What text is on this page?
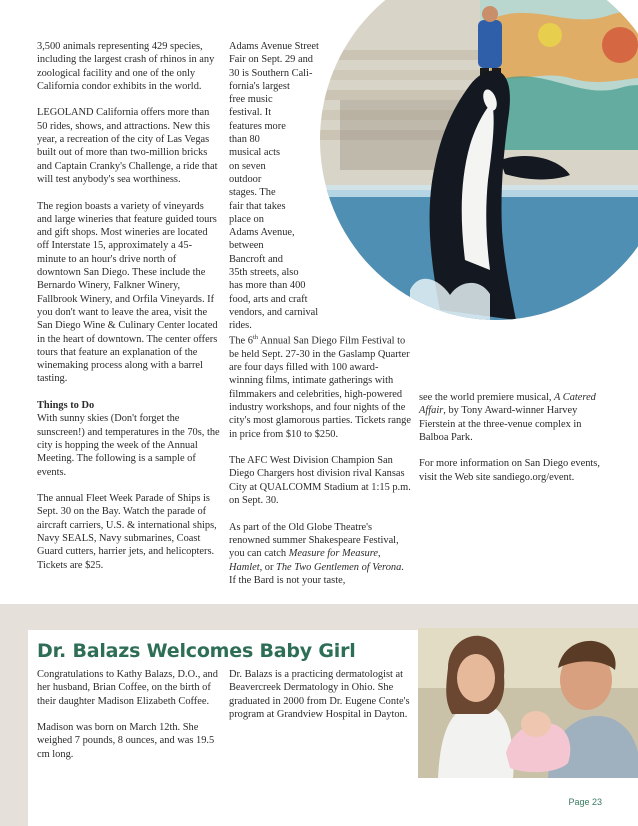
3,500 animals representing 429 species, including the largest crash of rhinos in any zoological facility and one of the only California condor exhibits in the world.

LEGOLAND California offers more than 50 rides, shows, and attractions. New this year, a recreation of the city of Las Vegas built out of more than two-million bricks and Captain Cranky's Challenge, a ride that will test anybody's sea worthiness.

The region boasts a variety of vineyards and large wineries that feature guided tours and gift shops. Most wineries are located off Interstate 15, approximately a 45-minute to an hour's drive north of downtown San Diego. These include the Bernardo Winery, Falkner Winery, Fallbrook Winery, and Orfila Vineyards. If you don't want to leave the area, visit the San Diego Wine & Culinary Center located in the heart of downtown. The center offers tours that feature an explanation of the winemaking process along with a barrel tasting.

Things to Do
With sunny skies (Don't forget the sunscreen!) and temperatures in the 70s, the city is hopping the week of the Annual Meeting. The following is a sample of events.

The annual Fleet Week Parade of Ships is Sept. 30 on the Bay. Watch the parade of aircraft carriers, U.S. & international ships, Navy SEALS, Navy submarines, Coast Guard cutters, harrier jets, and helicopters. Tickets are $25.

Adams Avenue Street
Fair on Sept. 29 and
30 is Southern Cali-
fornia's largest
free music
festival. It
features more
than 80
musical acts
on seven
outdoor
stages. The
fair that takes
place on
Adams Avenue,
between
Bancroft and
35th streets, also
has more than 400
food, arts and craft
vendors, and carnival
rides.

The 6th Annual San Diego Film Festival to be held Sept. 27-30 in the Gaslamp Quarter are four days filled with 100 award-winning films, intimate gatherings with filmmakers and celebrities, high-powered industry workshops, and four nights of the city's most glamorous parties. Tickets range in price from $10 to $250.

The AFC West Division Champion San Diego Chargers host division rival Kansas City at QUALCOMM Stadium at 1:15 p.m. on Sept. 30.

As part of the Old Globe Theatre's renowned summer Shakespeare Festival, you can catch Measure for Measure, Hamlet, or The Two Gentlemen of Verona. If the Bard is not your taste,

see the world premiere musical, A Catered Affair, by Tony Award-winner Harvey Fierstein at the three-venue complex in Balboa Park.

For more information on San Diego events, visit the Web site sandiego.org/event.

Dr. Balazs Welcomes Baby Girl

Congratulations to Kathy Balazs, D.O., and her husband, Brian Coffee, on the birth of their daughter Madison Elizabeth Coffee.

Madison was born on March 12th. She weighed 7 pounds, 8 ounces, and was 19.5 cm long.

Dr. Balazs is a practicing dermatologist at Beavercreek Dermatology in Ohio. She graduated in 2000 from Dr. Eugene Conte's program at Grandview Hospital in Dayton.

Page 23
